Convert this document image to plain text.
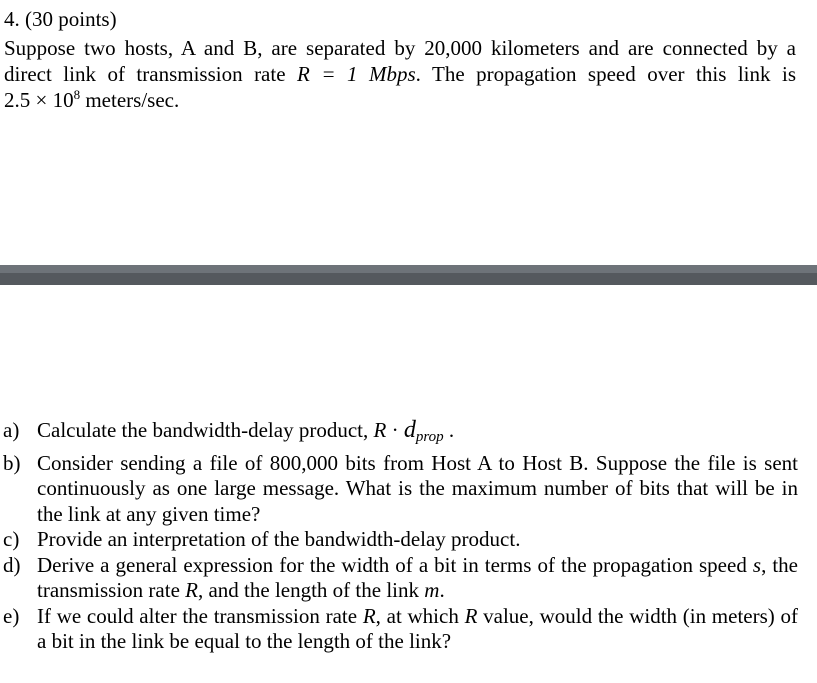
4. (30 points)
Suppose two hosts, A and B, are separated by 20,000 kilometers and are connected by a
direct link of transmission rate R = 1 Mbps. The propagation speed over this link is
$2.5 \times 10^8$ meters/sec.
a) Calculate the bandwidth-delay product, $R \cdot d_{prop}$ .
b) Consider sending a file of 800,000 bits from Host A to Host B. Suppose the file is sent continuously as one large message. What is the maximum number of bits that will be in the link at any given time?
c) Provide an interpretation of the bandwidth-delay product.
d) Derive a general expression for the width of a bit in terms of the propagation speed s, the transmission rate R, and the length of the link m.
e) If we could alter the transmission rate R, at which R value, would the width (in meters) of a bit in the link be equal to the length of the link?
